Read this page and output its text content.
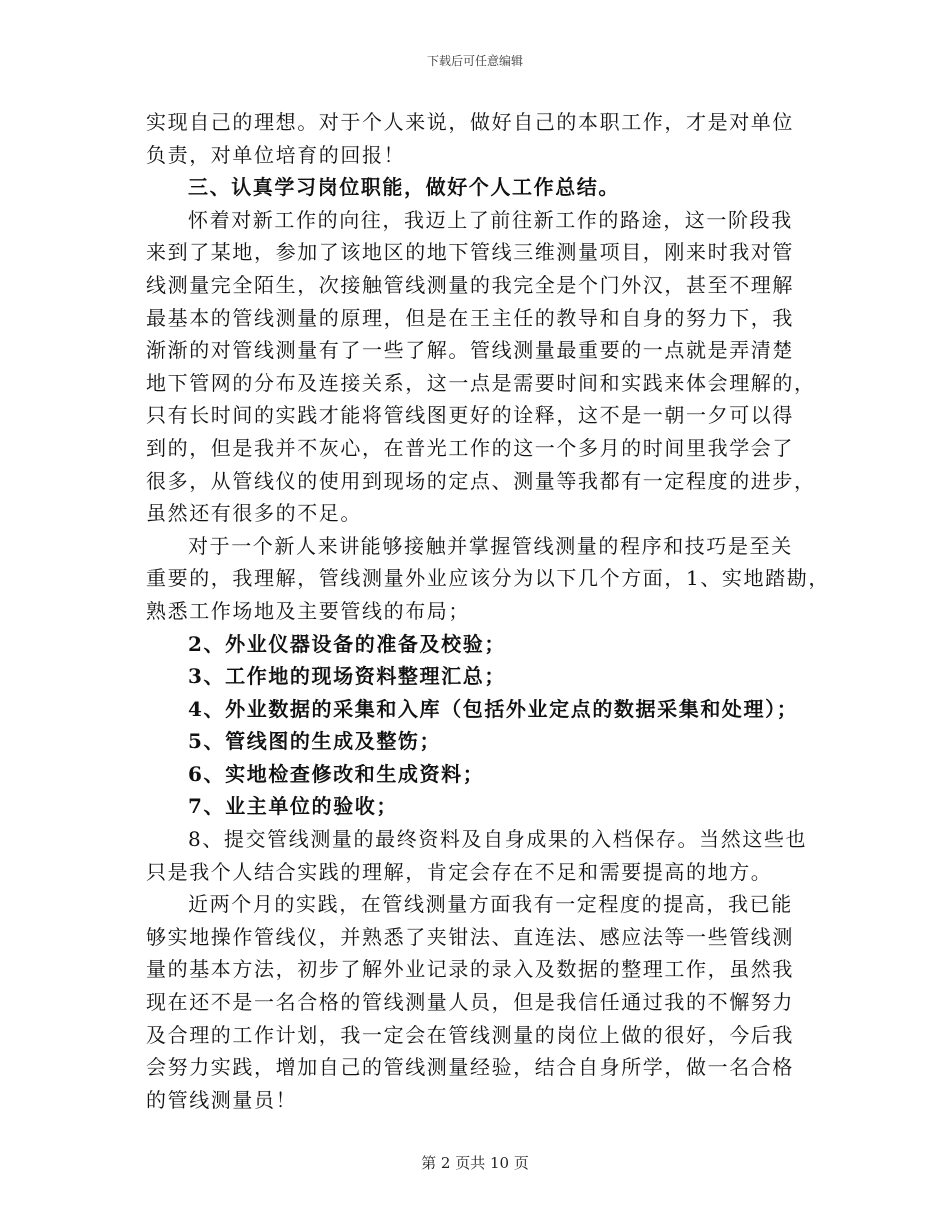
下载后可任意编辑
实现自己的理想。对于个人来说，做好自己的本职工作，才是对单位
负责，对单位培育的回报！
三、认真学习岗位职能，做好个人工作总结。
怀着对新工作的向往，我迈上了前往新工作的路途，这一阶段我
来到了某地，参加了该地区的地下管线三维测量项目，刚来时我对管
线测量完全陌生，次接触管线测量的我完全是个门外汉，甚至不理解
最基本的管线测量的原理，但是在王主任的教导和自身的努力下，我
渐渐的对管线测量有了一些了解。管线测量最重要的一点就是弄清楚
地下管网的分布及连接关系，这一点是需要时间和实践来体会理解的，
只有长时间的实践才能将管线图更好的诠释，这不是一朝一夕可以得
到的，但是我并不灰心，在普光工作的这一个多月的时间里我学会了
很多，从管线仪的使用到现场的定点、测量等我都有一定程度的进步，
虽然还有很多的不足。
对于一个新人来讲能够接触并掌握管线测量的程序和技巧是至关
重要的，我理解，管线测量外业应该分为以下几个方面，1、实地踏勘，
熟悉工作场地及主要管线的布局；
2、外业仪器设备的准备及校验；
3、工作地的现场资料整理汇总；
4、外业数据的采集和入库（包括外业定点的数据采集和处理）；
5、管线图的生成及整饬；
6、实地检查修改和生成资料；
7、业主单位的验收；
8、提交管线测量的最终资料及自身成果的入档保存。当然这些也
只是我个人结合实践的理解，肯定会存在不足和需要提高的地方。
近两个月的实践，在管线测量方面我有一定程度的提高，我已能
够实地操作管线仪，并熟悉了夹钳法、直连法、感应法等一些管线测
量的基本方法，初步了解外业记录的录入及数据的整理工作，虽然我
现在还不是一名合格的管线测量人员，但是我信任通过我的不懈努力
及合理的工作计划，我一定会在管线测量的岗位上做的很好，今后我
会努力实践，增加自己的管线测量经验，结合自身所学，做一名合格
的管线测量员！
第 2 页共 10 页
